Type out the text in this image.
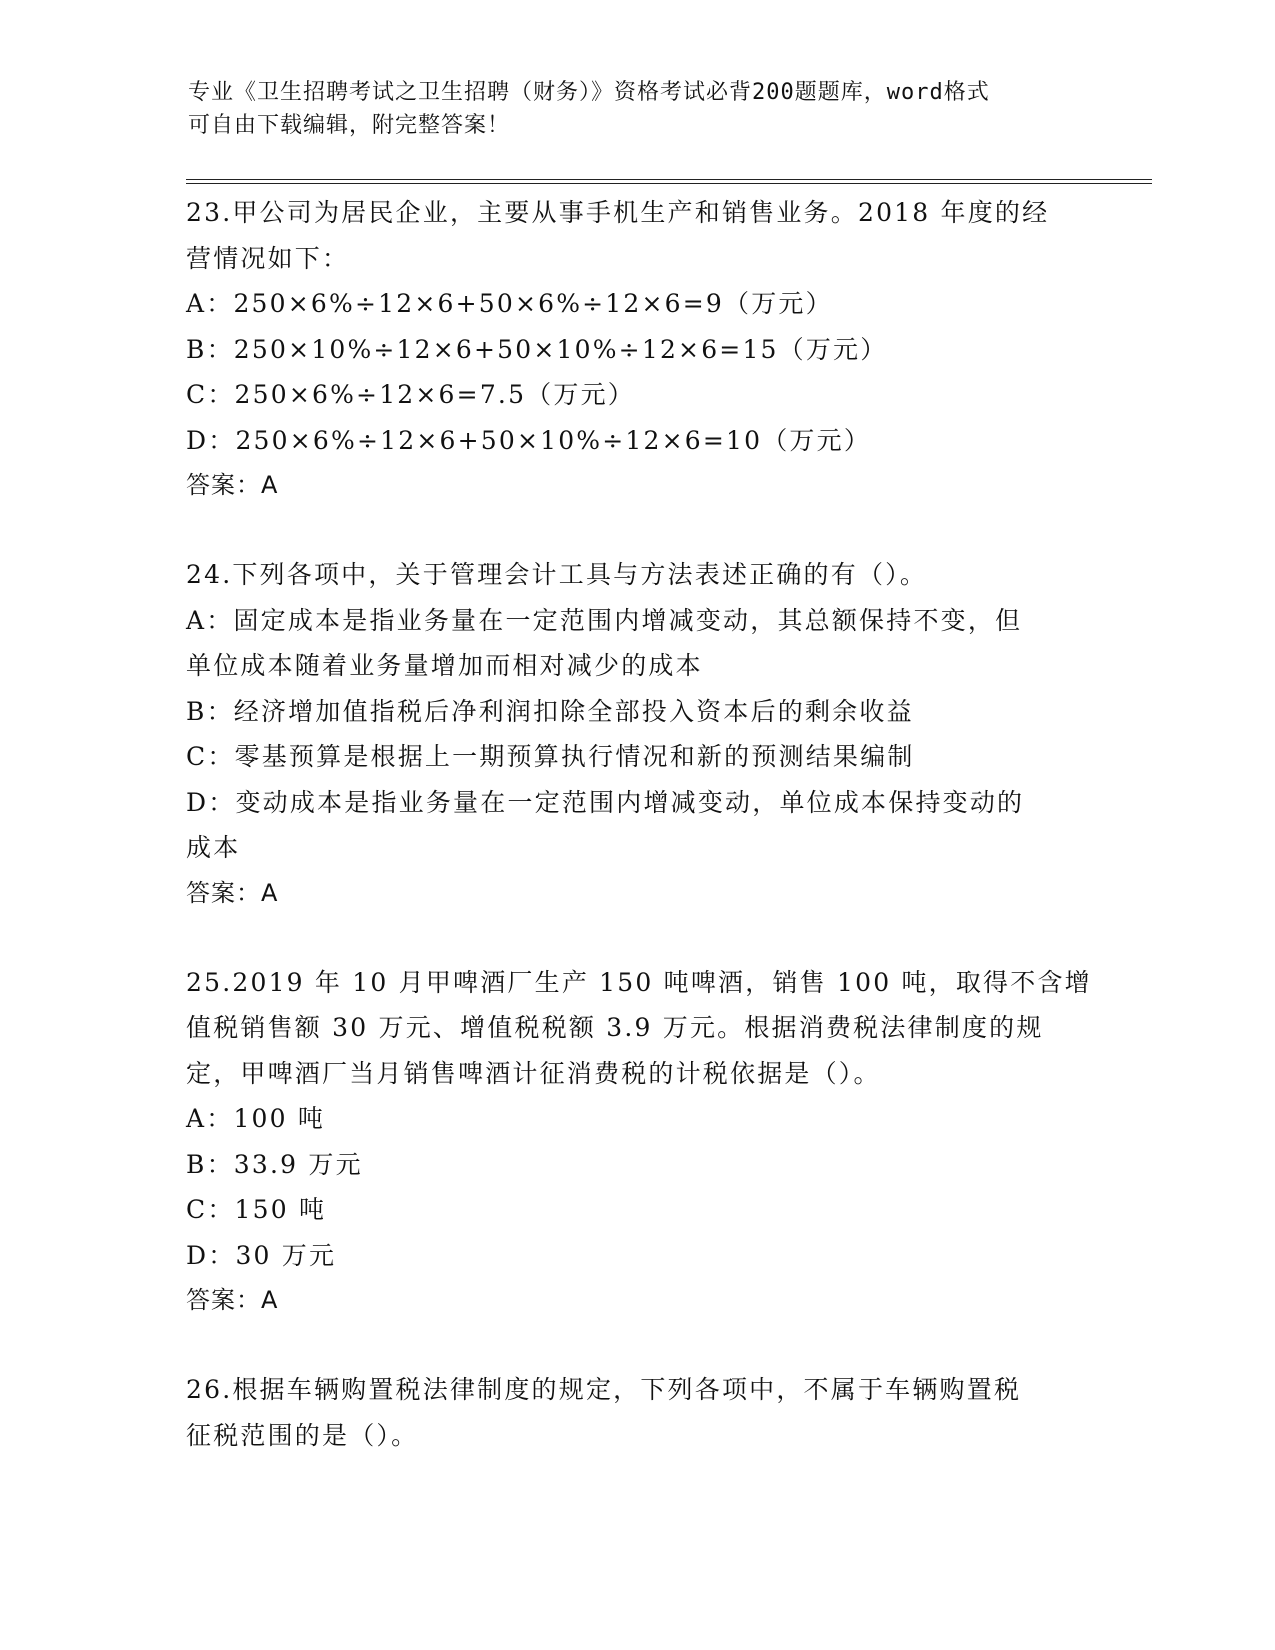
专业《卫生招聘考试之卫生招聘（财务）》资格考试必背200题题库，word格式
可自由下载编辑，附完整答案！
23.甲公司为居民企业，主要从事手机生产和销售业务。2018 年度的经
营情况如下：
A：250×6%÷12×6+50×6%÷12×6=9（万元）
B：250×10%÷12×6+50×10%÷12×6=15（万元）
C：250×6%÷12×6=7.5（万元）
D：250×6%÷12×6+50×10%÷12×6=10（万元）
答案：A
24.下列各项中，关于管理会计工具与方法表述正确的有（）。
A：固定成本是指业务量在一定范围内增减变动，其总额保持不变，但
单位成本随着业务量增加而相对减少的成本
B：经济增加值指税后净利润扣除全部投入资本后的剩余收益
C：零基预算是根据上一期预算执行情况和新的预测结果编制
D：变动成本是指业务量在一定范围内增减变动，单位成本保持变动的
成本
答案：A
25.2019 年 10 月甲啤酒厂生产 150 吨啤酒，销售 100 吨，取得不含增
值税销售额 30 万元、增值税税额 3.9 万元。根据消费税法律制度的规
定，甲啤酒厂当月销售啤酒计征消费税的计税依据是（）。
A：100 吨
B：33.9 万元
C：150 吨
D：30 万元
答案：A
26.根据车辆购置税法律制度的规定，下列各项中，不属于车辆购置税
征税范围的是（）。
